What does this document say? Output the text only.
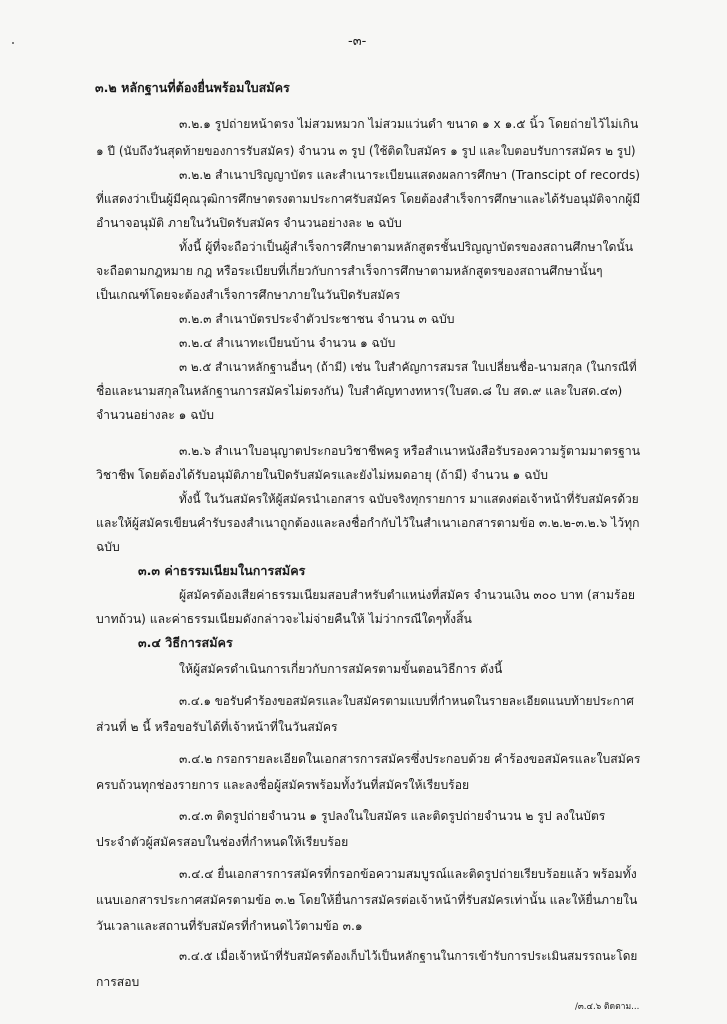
-๓-
๓.๒ หลักฐานที่ต้องยื่นพร้อมใบสมัคร
๓.๒.๑ รูปถ่ายหน้าตรง ไม่สวมหมวก ไม่สวมแว่นดำ ขนาด ๑ x ๑.๕ นิ้ว โดยถ่ายไว้ไม่เกิน
๑ ปี (นับถึงวันสุดท้ายของการรับสมัคร) จำนวน ๓ รูป (ใช้ติดใบสมัคร ๑ รูป และใบตอบรับการสมัคร ๒ รูป)
๓.๒.๒ สำเนาปริญญาบัตร และสำเนาระเบียนแสดงผลการศึกษา (Transcipt of records)
ที่แสดงว่าเป็นผู้มีคุณวุฒิการศึกษาตรงตามประกาศรับสมัคร โดยต้องสำเร็จการศึกษาและได้รับอนุมัติจากผู้มี
อำนาจอนุมัติ ภายในวันปิดรับสมัคร จำนวนอย่างละ ๒ ฉบับ
ทั้งนี้ ผู้ที่จะถือว่าเป็นผู้สำเร็จการศึกษาตามหลักสูตรชั้นปริญญาบัตรของสถานศึกษาใดนั้น
จะถือตามกฎหมาย กฎ หรือระเบียบที่เกี่ยวกับการสำเร็จการศึกษาตามหลักสูตรของสถานศึกษานั้นๆ
เป็นเกณฑ์โดยจะต้องสำเร็จการศึกษาภายในวันปิดรับสมัคร
๓.๒.๓ สำเนาบัตรประจำตัวประชาชน จำนวน ๓ ฉบับ
๓.๒.๔ สำเนาทะเบียนบ้าน จำนวน ๑ ฉบับ
๓ ๒.๕ สำเนาหลักฐานอื่นๆ (ถ้ามี) เช่น ใบสำคัญการสมรส ใบเปลี่ยนชื่อ-นามสกุล (ในกรณีที่
ชื่อและนามสกุลในหลักฐานการสมัครไม่ตรงกัน) ใบสำคัญทางทหาร(ใบสด.๘ ใบ สด.๙ และใบสด.๔๓)
จำนวนอย่างละ ๑ ฉบับ
๓.๒.๖ สำเนาใบอนุญาตประกอบวิชาชีพครู หรือสำเนาหนังสือรับรองความรู้ตามมาตรฐาน
วิชาชีพ โดยต้องได้รับอนุมัติภายในปิดรับสมัครและยังไม่หมดอายุ (ถ้ามี) จำนวน ๑ ฉบับ
ทั้งนี้ ในวันสมัครให้ผู้สมัครนำเอกสาร ฉบับจริงทุกรายการ มาแสดงต่อเจ้าหน้าที่รับสมัครด้วย
และให้ผู้สมัครเขียนคำรับรองสำเนาถูกต้องและลงชื่อกำกับไว้ในสำเนาเอกสารตามข้อ ๓.๒.๒-๓.๒.๖ ไว้ทุก
ฉบับ
๓.๓ ค่าธรรมเนียมในการสมัคร
ผู้สมัครต้องเสียค่าธรรมเนียมสอบสำหรับตำแหน่งที่สมัคร จำนวนเงิน ๓๐๐ บาท (สามร้อย
บาทถ้วน) และค่าธรรมเนียมดังกล่าวจะไม่จ่ายคืนให้ ไม่ว่ากรณีใดๆทั้งสิ้น
๓.๔ วิธีการสมัคร
ให้ผู้สมัครดำเนินการเกี่ยวกับการสมัครตามขั้นตอนวิธีการ ดังนี้
๓.๔.๑ ขอรับคำร้องขอสมัครและใบสมัครตามแบบที่กำหนดในรายละเอียดแนบท้ายประกาศ
ส่วนที่ ๒ นี้ หรือขอรับได้ที่เจ้าหน้าที่ในวันสมัคร
๓.๔.๒ กรอกรายละเอียดในเอกสารการสมัครซึ่งประกอบด้วย คำร้องขอสมัครและใบสมัคร
ครบถ้วนทุกช่องรายการ และลงชื่อผู้สมัครพร้อมทั้งวันที่สมัครให้เรียบร้อย
๓.๔.๓ ติดรูปถ่ายจำนวน ๑ รูปลงในใบสมัคร และติดรูปถ่ายจำนวน ๒ รูป ลงในบัตร
ประจำตัวผู้สมัครสอบในช่องที่กำหนดให้เรียบร้อย
๓.๔.๔ ยื่นเอกสารการสมัครที่กรอกข้อความสมบูรณ์และติดรูปถ่ายเรียบร้อยแล้ว พร้อมทั้ง
แนบเอกสารประกาศสมัครตามข้อ ๓.๒ โดยให้ยื่นการสมัครต่อเจ้าหน้าที่รับสมัครเท่านั้น และให้ยื่นภายใน
วันเวลาและสถานที่รับสมัครที่กำหนดไว้ตามข้อ ๓.๑
๓.๔.๕ เมื่อเจ้าหน้าที่รับสมัครต้องเก็บไว้เป็นหลักฐานในการเข้ารับการประเมินสมรรถนะโดย
การสอบ
/๓.๔.๖ ติดตาม...
